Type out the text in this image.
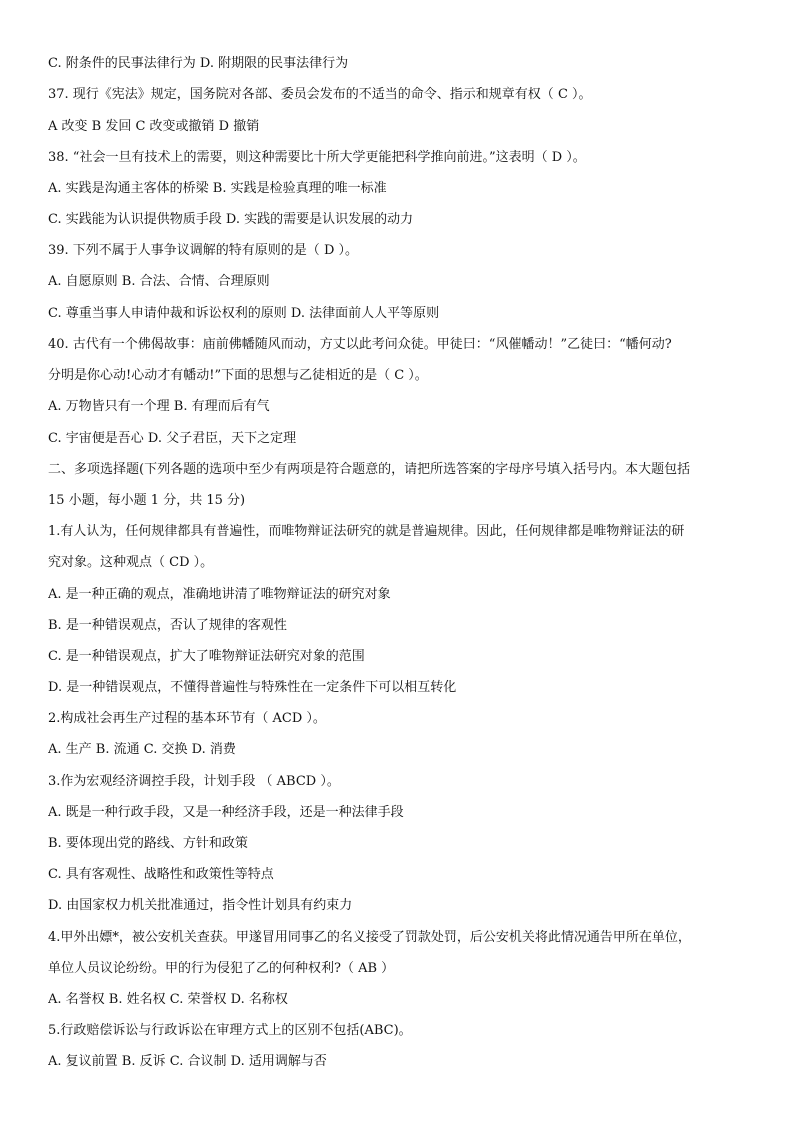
C. 附条件的民事法律行为 D. 附期限的民事法律行为
37. 现行《宪法》规定，国务院对各部、委员会发布的不适当的命令、指示和规章有权（ C ）。
A 改变 B 发回 C 改变或撤销 D 撤销
38. “社会一旦有技术上的需要，则这种需要比十所大学更能把科学推向前进。”这表明（ D ）。
A. 实践是沟通主客体的桥梁 B. 实践是检验真理的唯一标准
C. 实践能为认识提供物质手段 D. 实践的需要是认识发展的动力
39. 下列不属于人事争议调解的特有原则的是（ D ）。
A. 自愿原则 B. 合法、合情、合理原则
C. 尊重当事人申请仲裁和诉讼权利的原则 D. 法律面前人人平等原则
40. 古代有一个佛偈故事：庙前佛幡随风而动，方丈以此考问众徒。甲徒曰：“风催幡动！”乙徒曰：“幡何动?
分明是你心动!心动才有幡动!”下面的思想与乙徒相近的是（ C ）。
A. 万物皆只有一个理 B. 有理而后有气
C. 宇宙便是吾心 D. 父子君臣，天下之定理
二、多项选择题(下列各题的选项中至少有两项是符合题意的，请把所选答案的字母序号填入括号内。本大题包括
15 小题，每小题 1 分，共 15 分)
1.有人认为，任何规律都具有普遍性，而唯物辩证法研究的就是普遍规律。因此，任何规律都是唯物辩证法的研
究对象。这种观点（ CD ）。
A. 是一种正确的观点，准确地讲清了唯物辩证法的研究对象
B. 是一种错误观点，否认了规律的客观性
C. 是一种错误观点，扩大了唯物辩证法研究对象的范围
D. 是一种错误观点，不懂得普遍性与特殊性在一定条件下可以相互转化
2.构成社会再生产过程的基本环节有（ ACD ）。
A. 生产 B. 流通 C. 交换 D. 消费
3.作为宏观经济调控手段，计划手段 （ ABCD ）。
A. 既是一种行政手段，又是一种经济手段，还是一种法律手段
B. 要体现出党的路线、方针和政策
C. 具有客观性、战略性和政策性等特点
D. 由国家权力机关批准通过，指令性计划具有约束力
4.甲外出嫖*，被公安机关查获。甲遂冒用同事乙的名义接受了罚款处罚，后公安机关将此情况通告甲所在单位，
单位人员议论纷纷。甲的行为侵犯了乙的何种权利?（ AB ）
A. 名誉权 B. 姓名权 C. 荣誉权 D. 名称权
5.行政赔偿诉讼与行政诉讼在审理方式上的区别不包括(ABC)。
A. 复议前置 B. 反诉 C. 合议制 D. 适用调解与否
